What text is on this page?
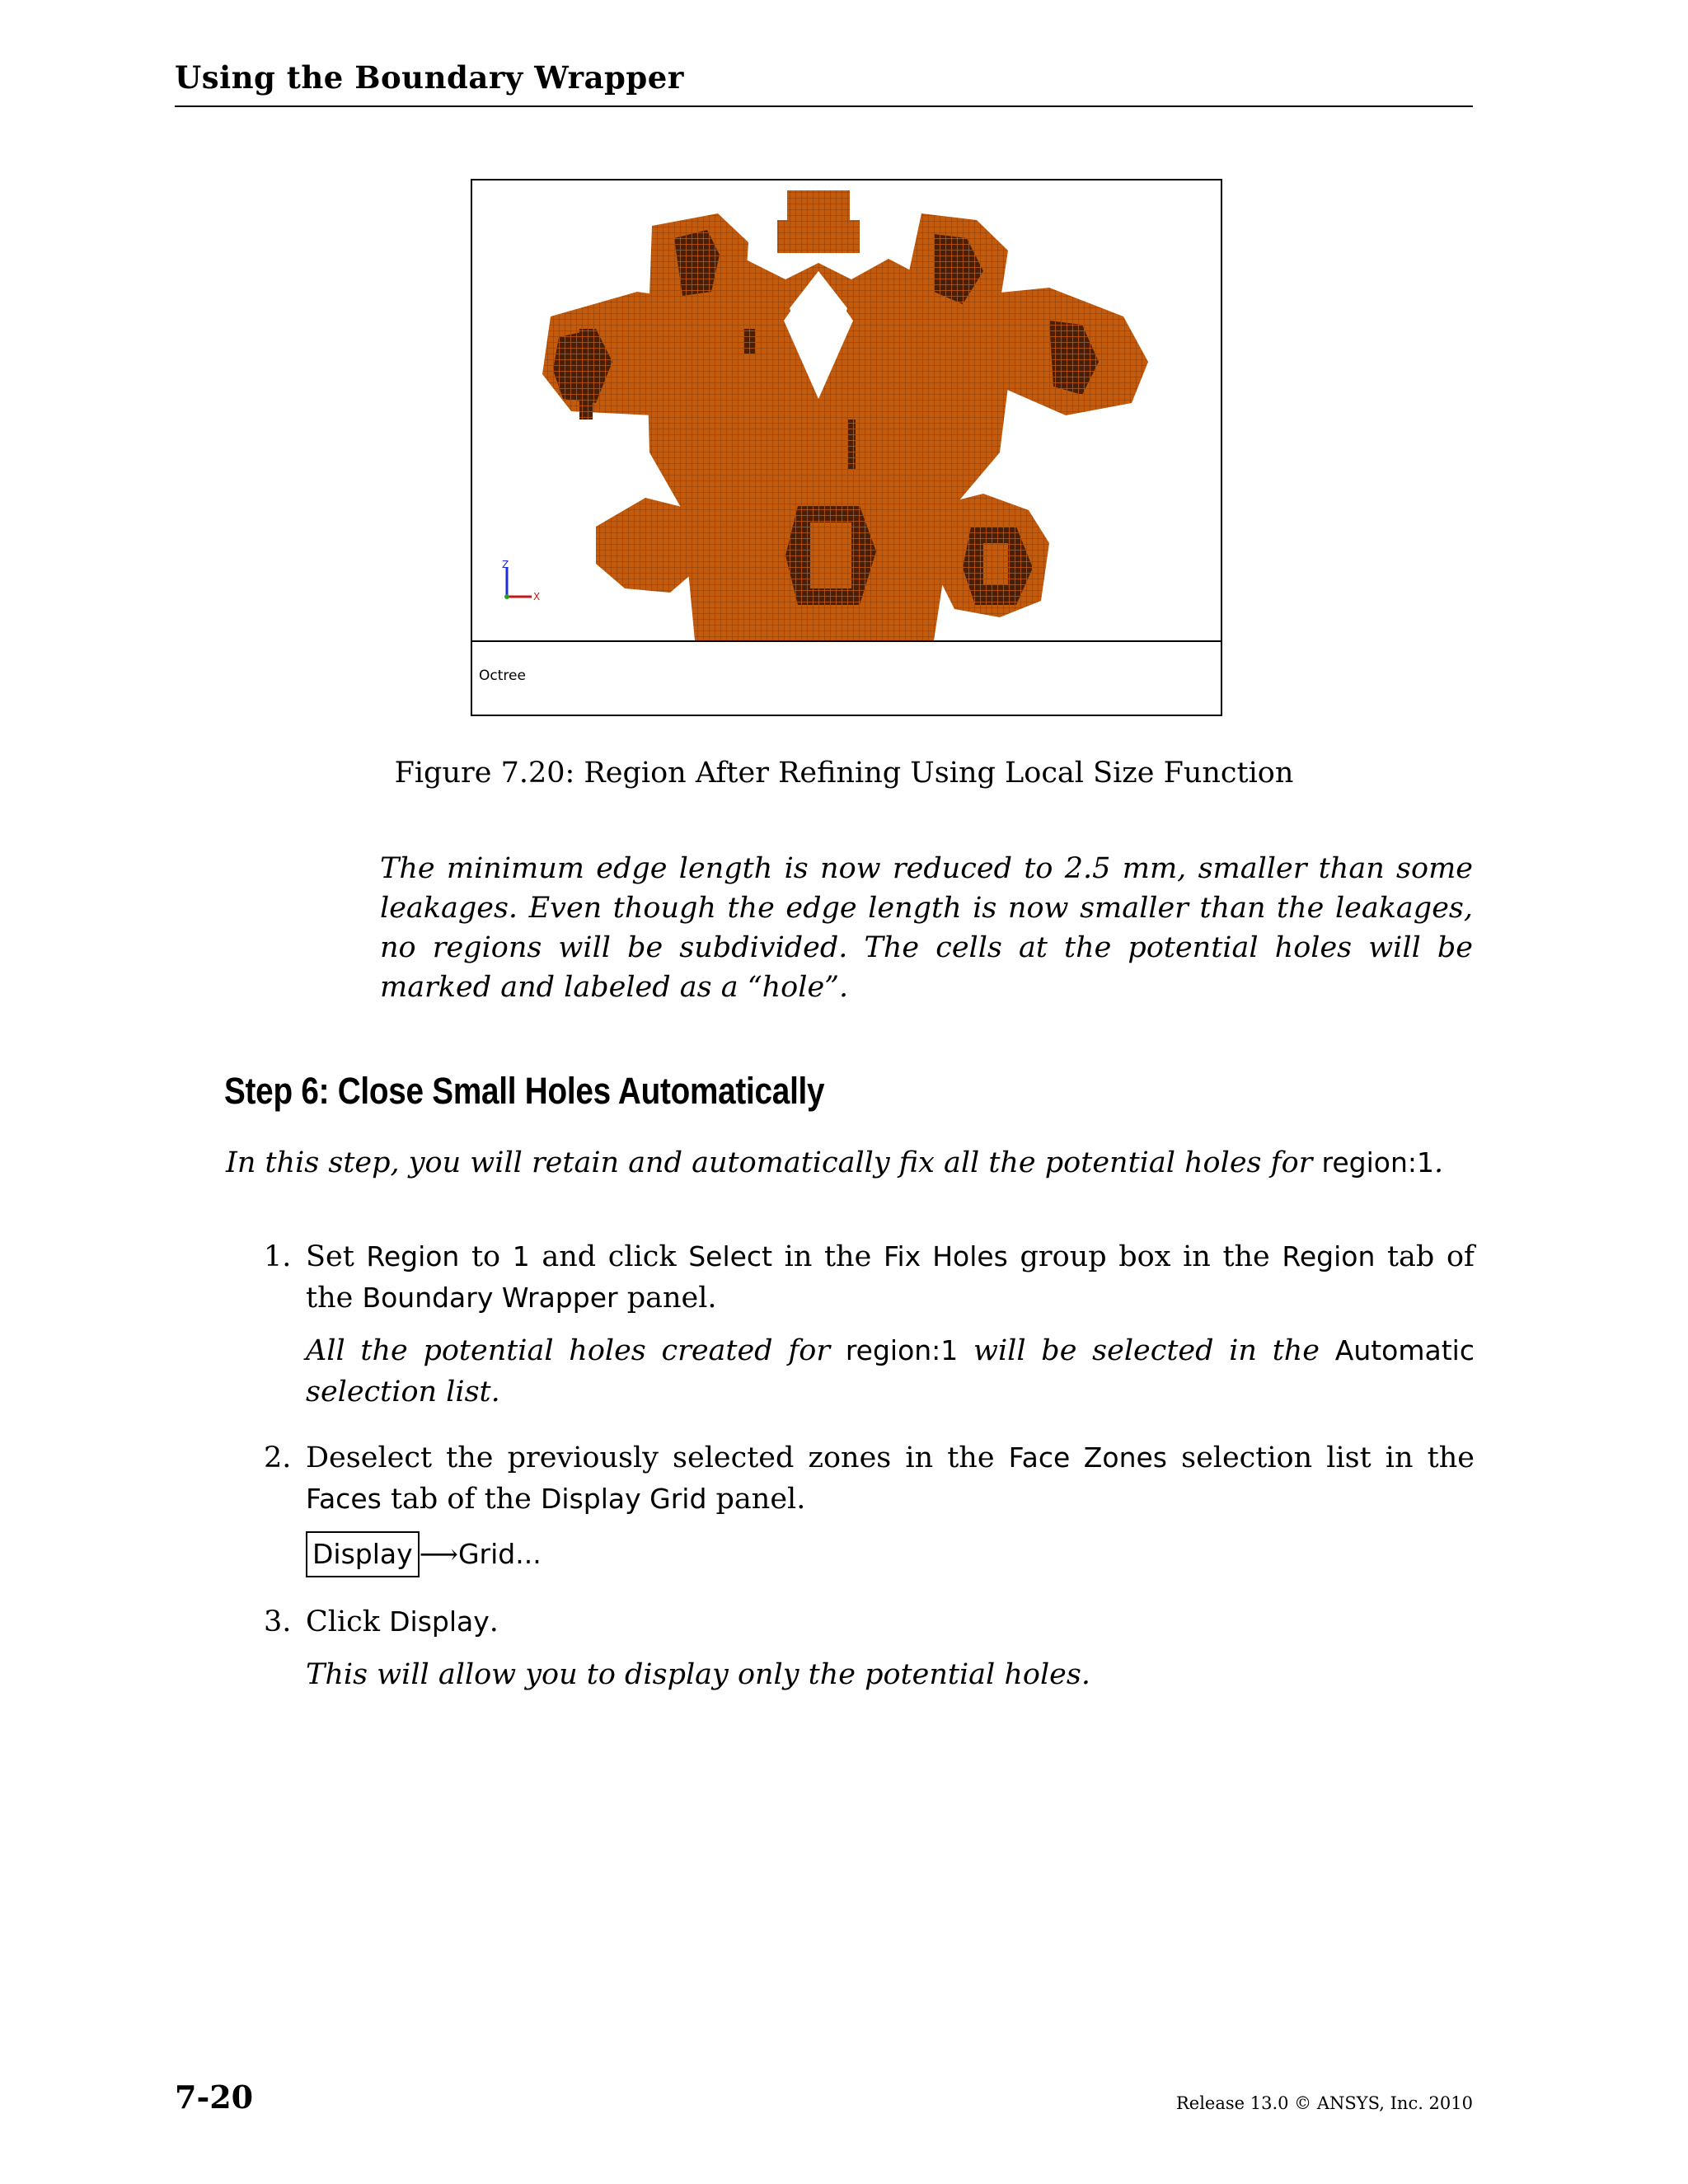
Using the Boundary Wrapper
Z
X
Octree
Figure 7.20: Region After Refining Using Local Size Function
The minimum edge length is now reduced to 2.5 mm, smaller than some leakages. Even though the edge length is now smaller than the leakages, no regions will be subdivided. The cells at the potential holes will be marked and labeled as a “hole”.
Step 6: Close Small Holes Automatically
In this step, you will retain and automatically fix all the potential holes for region:1.
1. Set Region to 1 and click Select in the Fix Holes group box in the Region tab of the Boundary Wrapper panel.
All the potential holes created for region:1 will be selected in the Automatic selection list.
2. Deselect the previously selected zones in the Face Zones selection list in the Faces tab of the Display Grid panel.
Display ⟶Grid...
3. Click Display.
This will allow you to display only the potential holes.
7-20	Release 13.0 © ANSYS, Inc. 2010
